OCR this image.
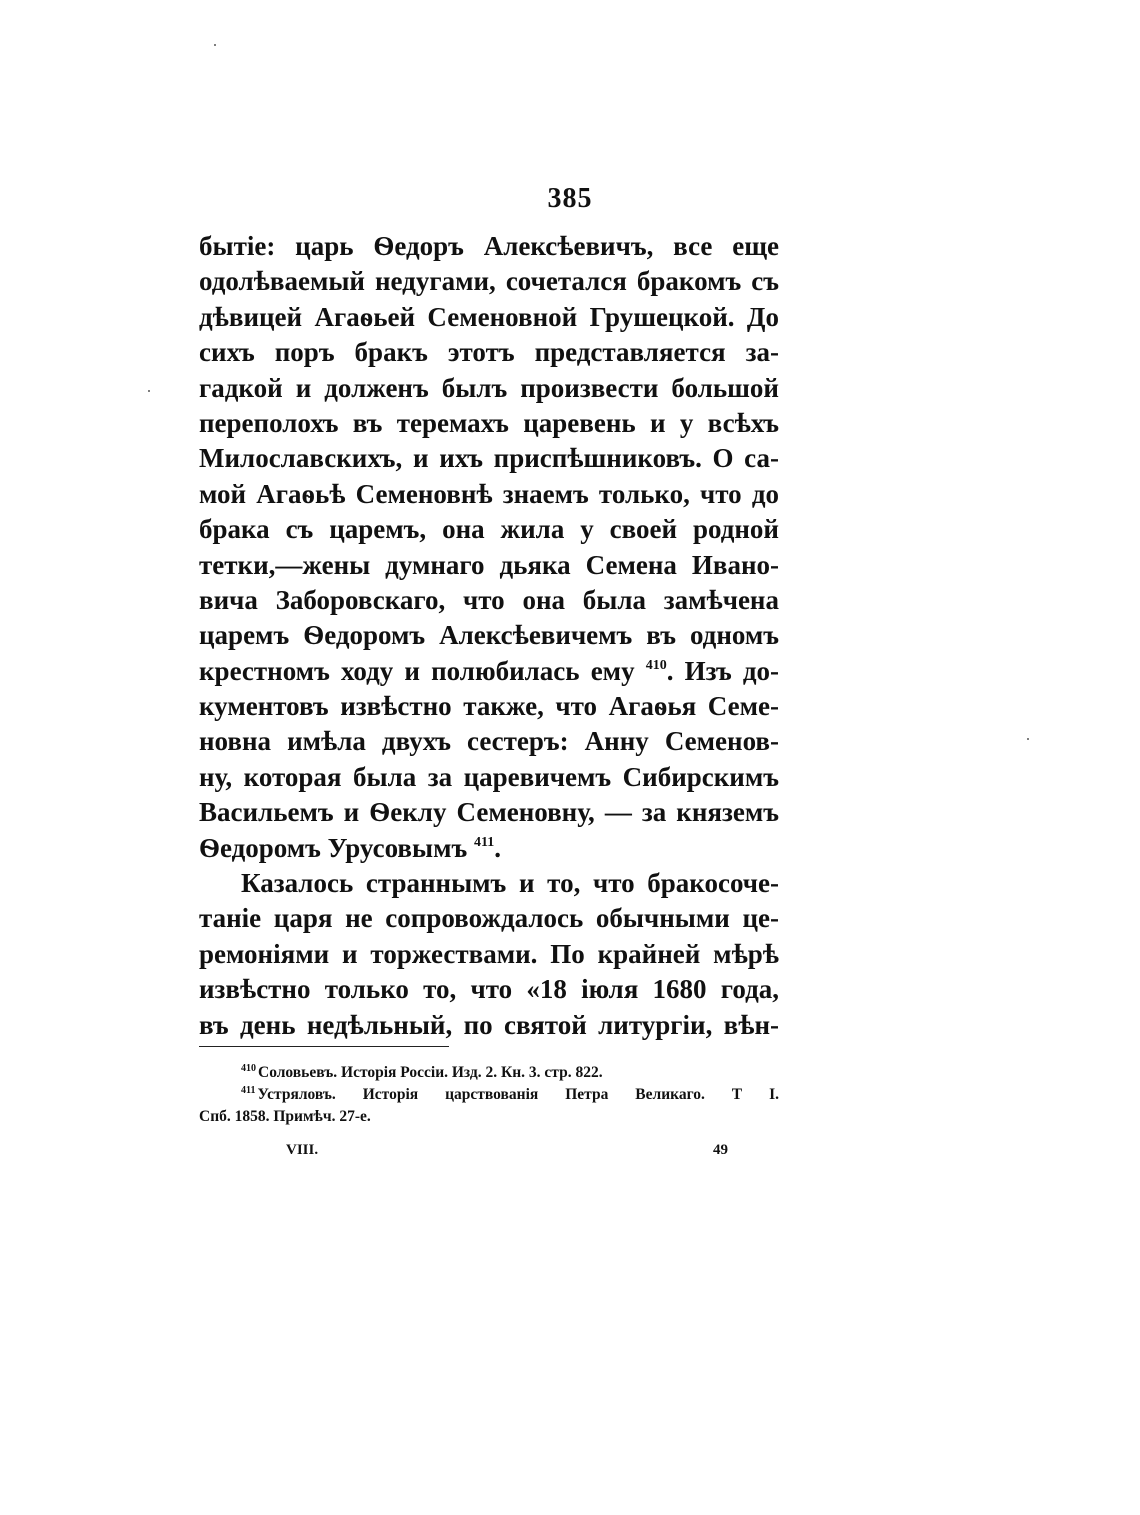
385
бытіе: царь Ѳедоръ Алексѣевичъ, все еще
одолѣваемый недугами, сочетался бракомъ съ
дѣвицей Агаѳьей Семеновной Грушецкой. До
сихъ поръ бракъ этотъ представляется за-
гадкой и долженъ былъ произвести большой
переполохъ въ теремахъ царевень и у всѣхъ
Милославскихъ, и ихъ приспѣшниковъ. О са-
мой Агаѳьѣ Семеновнѣ знаемъ только, что до
брака съ царемъ, она жила у своей родной
тетки,—жены думнаго дьяка Семена Ивано-
вича Заборовскаго, что она была замѣчена
царемъ Ѳедоромъ Алексѣевичемъ въ одномъ
крестномъ ходу и полюбилась ему $^{410}$. Изъ до-
кументовъ извѣстно также, что Агаѳья Семе-
новна имѣла двухъ сестеръ: Анну Семенов-
ну, которая была за царевичемъ Сибирскимъ
Васильемъ и Ѳеклу Семеновну, — за княземъ
Ѳедоромъ Урусовымъ $^{411}$.
Казалось страннымъ и то, что бракосоче-
таніе царя не сопровождалось обычными це-
ремоніями и торжествами. По крайней мѣрѣ
извѣстно только то, что «18 іюля 1680 года,
въ день недѣльный, по святой литургіи, вѣн-
$^{410}$ Соловьевъ. Исторія Россіи. Изд. 2. Кн. 3. стр. 822.
$^{411}$ Устряловъ. Исторія царствованія Петра Великаго. Т І.
Спб. 1858. Примѣч. 27-е.
VIII.	49
